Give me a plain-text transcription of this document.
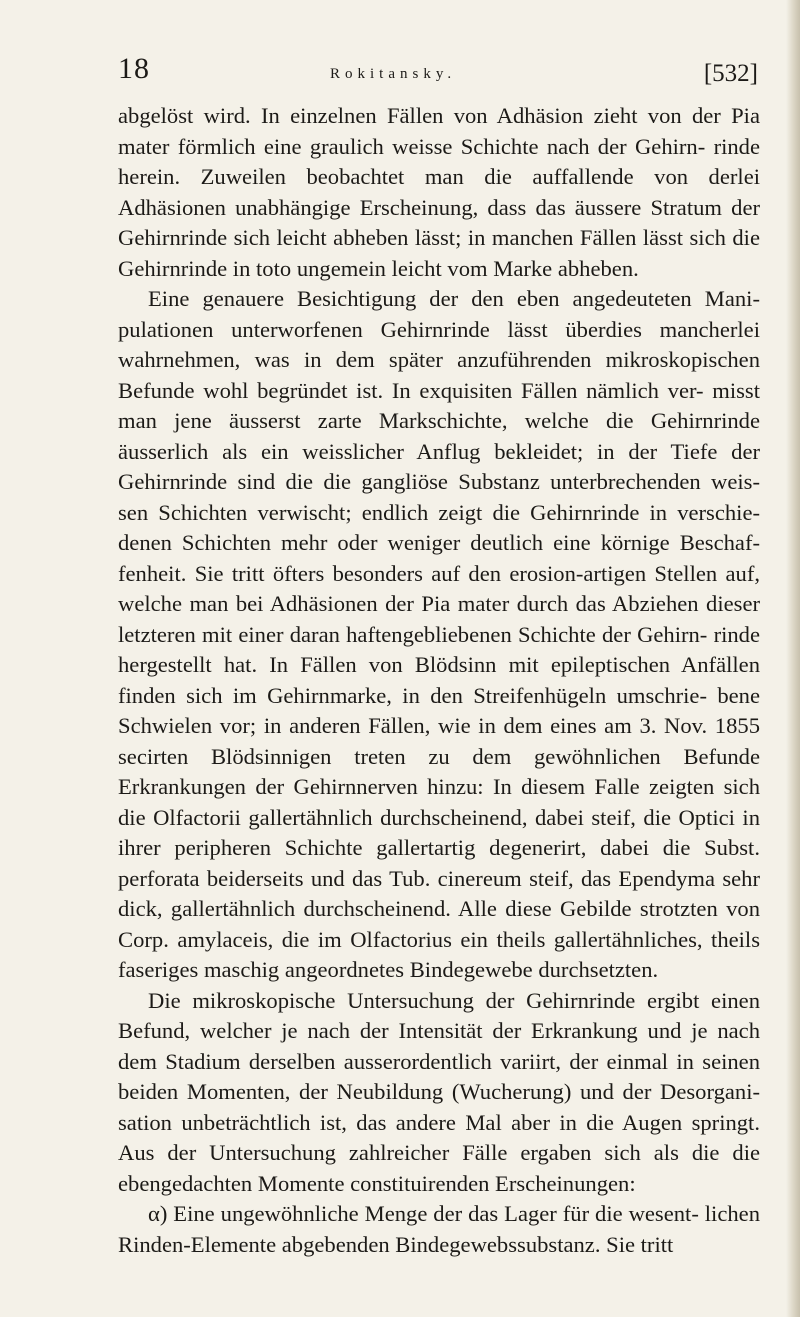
18	Rokitansky.	[532]

abgelöst wird. In einzelnen Fällen von Adhäsion zieht von der Pia mater förmlich eine graulich weisse Schichte nach der Gehirn- rinde herein. Zuweilen beobachtet man die auffallende von derlei Adhäsionen unabhängige Erscheinung, dass das äussere Stratum der Gehirnrinde sich leicht abheben lässt; in manchen Fällen lässt sich die Gehirnrinde in toto ungemein leicht vom Marke abheben.

Eine genauere Besichtigung der den eben angedeuteten Mani- pulationen unterworfenen Gehirnrinde lässt überdies mancherlei wahrnehmen, was in dem später anzuführenden mikroskopischen Befunde wohl begründet ist. In exquisiten Fällen nämlich ver- misst man jene äusserst zarte Markschichte, welche die Gehirnrinde äusserlich als ein weisslicher Anflug bekleidet; in der Tiefe der Gehirnrinde sind die die gangliöse Substanz unterbrechenden weis- sen Schichten verwischt; endlich zeigt die Gehirnrinde in verschie- denen Schichten mehr oder weniger deutlich eine körnige Beschaf- fenheit. Sie tritt öfters besonders auf den erosion-artigen Stellen auf, welche man bei Adhäsionen der Pia mater durch das Abziehen dieser letzteren mit einer daran haftengebliebenen Schichte der Gehirn- rinde hergestellt hat. In Fällen von Blödsinn mit epileptischen Anfällen finden sich im Gehirnmarke, in den Streifenhügeln umschrie- bene Schwielen vor; in anderen Fällen, wie in dem eines am 3. Nov. 1855 secirten Blödsinnigen treten zu dem gewöhnlichen Befunde Erkrankungen der Gehirnnerven hinzu: In diesem Falle zeigten sich die Olfactorii gallertähnlich durchscheinend, dabei steif, die Optici in ihrer peripheren Schichte gallertartig degenerirt, dabei die Subst. perforata beiderseits und das Tub. cinereum steif, das Ependyma sehr dick, gallertähnlich durchscheinend. Alle diese Gebilde strotzten von Corp. amylaceis, die im Olfactorius ein theils gallertähnliches, theils faseriges maschig angeordnetes Bindegewebe durchsetzten.

Die mikroskopische Untersuchung der Gehirnrinde ergibt einen Befund, welcher je nach der Intensität der Erkrankung und je nach dem Stadium derselben ausserordentlich variirt, der einmal in seinen beiden Momenten, der Neubildung (Wucherung) und der Desorgani- sation unbeträchtlich ist, das andere Mal aber in die Augen springt. Aus der Untersuchung zahlreicher Fälle ergaben sich als die die ebengedachten Momente constituirenden Erscheinungen:

α) Eine ungewöhnliche Menge der das Lager für die wesent- lichen Rinden-Elemente abgebenden Bindegewebssubstanz. Sie tritt
